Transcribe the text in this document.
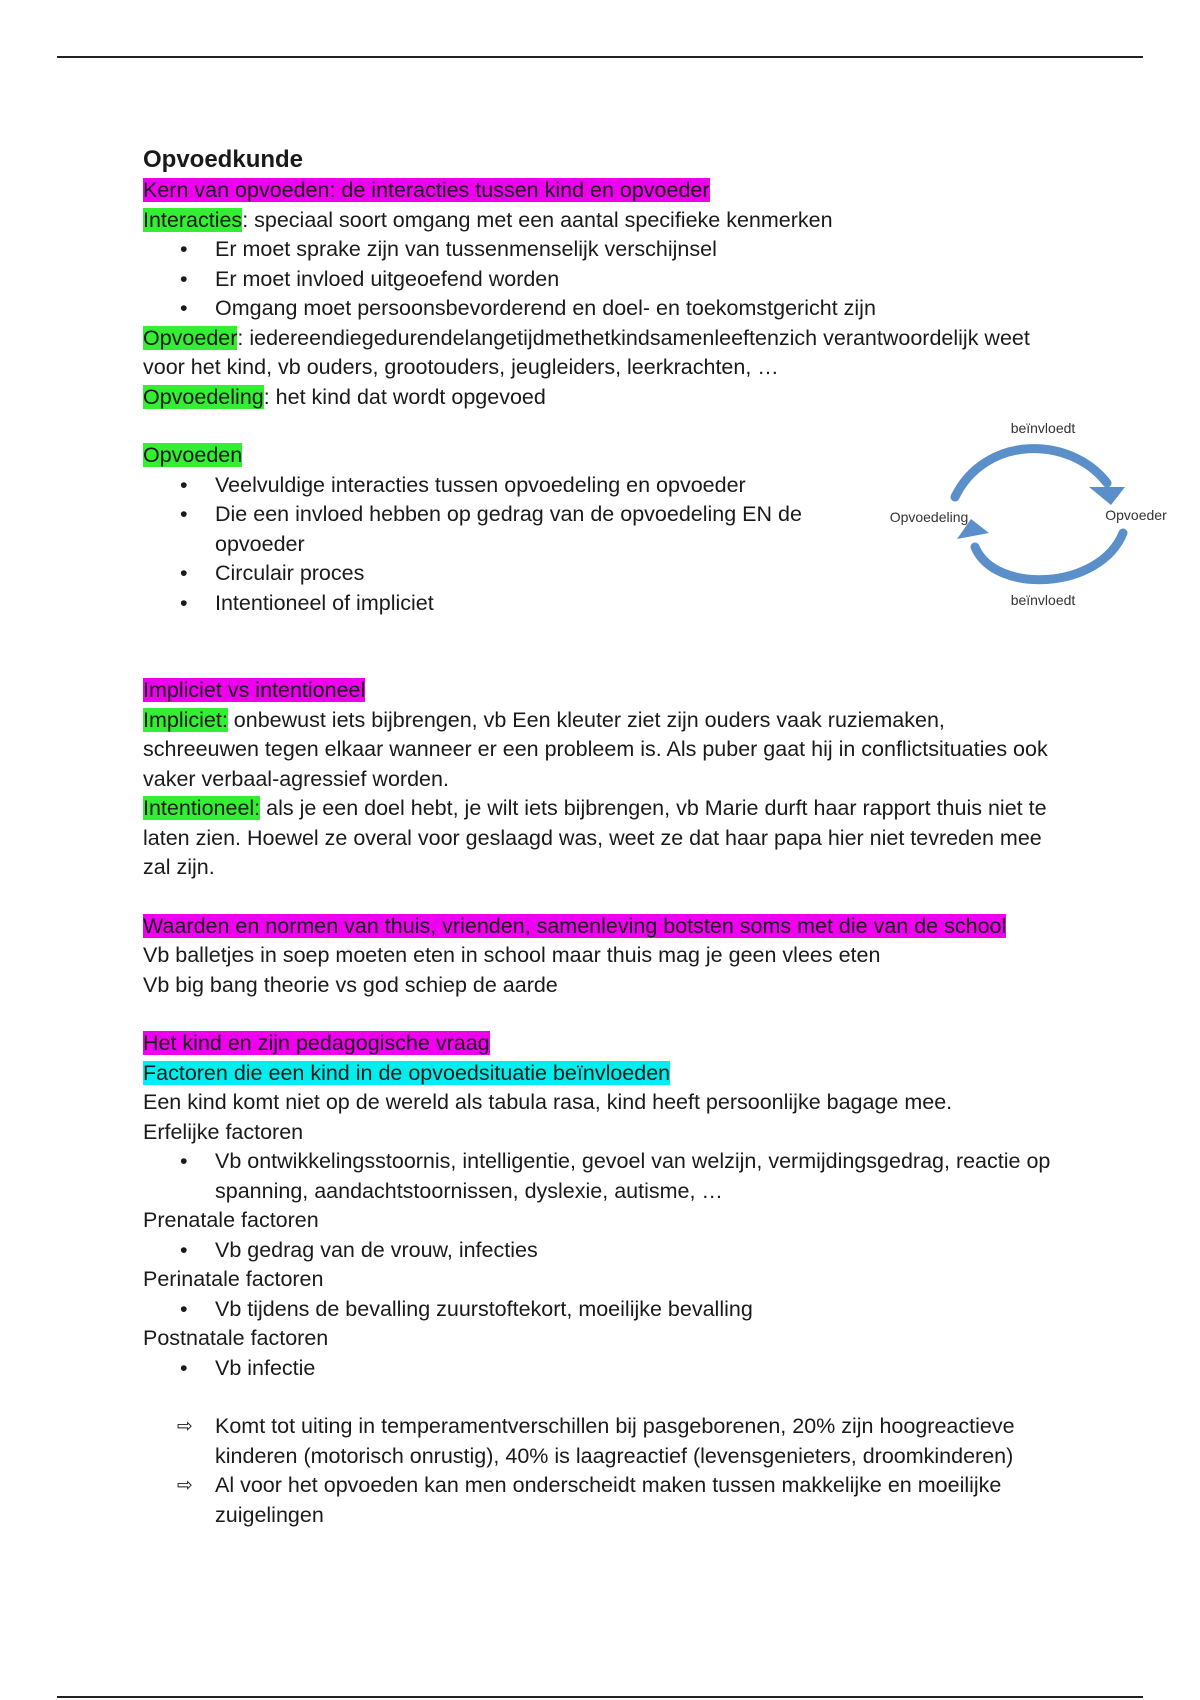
Opvoedkunde

Kern van opvoeden: de interacties tussen kind en opvoeder

Interacties: speciaal soort omgang met een aantal specifieke kenmerken

• Er moet sprake zijn van tussenmenselijk verschijnsel
• Er moet invloed uitgeoefend worden
• Omgang moet persoonsbevorderend en doel- en toekomstgericht zijn

Opvoeder: iedereendiegedurendelangetijdmethetkindsamenleeftenzich verantwoordelijk weet voor het kind, vb ouders, grootouders, jeugleiders, leerkrachten, …

Opvoedeling: het kind dat wordt opgevoed

Opvoeden

• Veelvuldige interacties tussen opvoedeling en opvoeder
• Die een invloed hebben op gedrag van de opvoedeling EN de opvoeder
• Circulair proces
• Intentioneel of impliciet

Impliciet vs intentioneel

Impliciet: onbewust iets bijbrengen, vb Een kleuter ziet zijn ouders vaak ruziemaken, schreeuwen tegen elkaar wanneer er een probleem is. Als puber gaat hij in conflictsituaties ook vaker verbaal-agressief worden.

Intentioneel: als je een doel hebt, je wilt iets bijbrengen, vb Marie durft haar rapport thuis niet te laten zien. Hoewel ze overal voor geslaagd was, weet ze dat haar papa hier niet tevreden mee zal zijn.

Waarden en normen van thuis, vrienden, samenleving botsten soms met die van de school

Vb balletjes in soep moeten eten in school maar thuis mag je geen vlees eten

Vb big bang theorie vs god schiep de aarde

Het kind en zijn pedagogische vraag

Factoren die een kind in de opvoedsituatie beïnvloeden

Een kind komt niet op de wereld als tabula rasa, kind heeft persoonlijke bagage mee.

Erfelijke factoren

• Vb ontwikkelingsstoornis, intelligentie, gevoel van welzijn, vermijdingsgedrag, reactie op spanning, aandachtstoornissen, dyslexie, autisme, …

Prenatale factoren

• Vb gedrag van de vrouw, infecties

Perinatale factoren

• Vb tijdens de bevalling zuurstoftekort, moeilijke bevalling

Postnatale factoren

• Vb infectie
⇨ Komt tot uiting in temperamentverschillen bij pasgeborenen, 20% zijn hoogreactieve kinderen (motorisch onrustig), 40% is laagreactief (levensgenieters, droomkinderen)
⇨ Al voor het opvoeden kan men onderscheidt maken tussen makkelijke en moeilijke zuigelingen
beïnvloedt
beïnvloedt
Opvoedeling	Opvoeder
